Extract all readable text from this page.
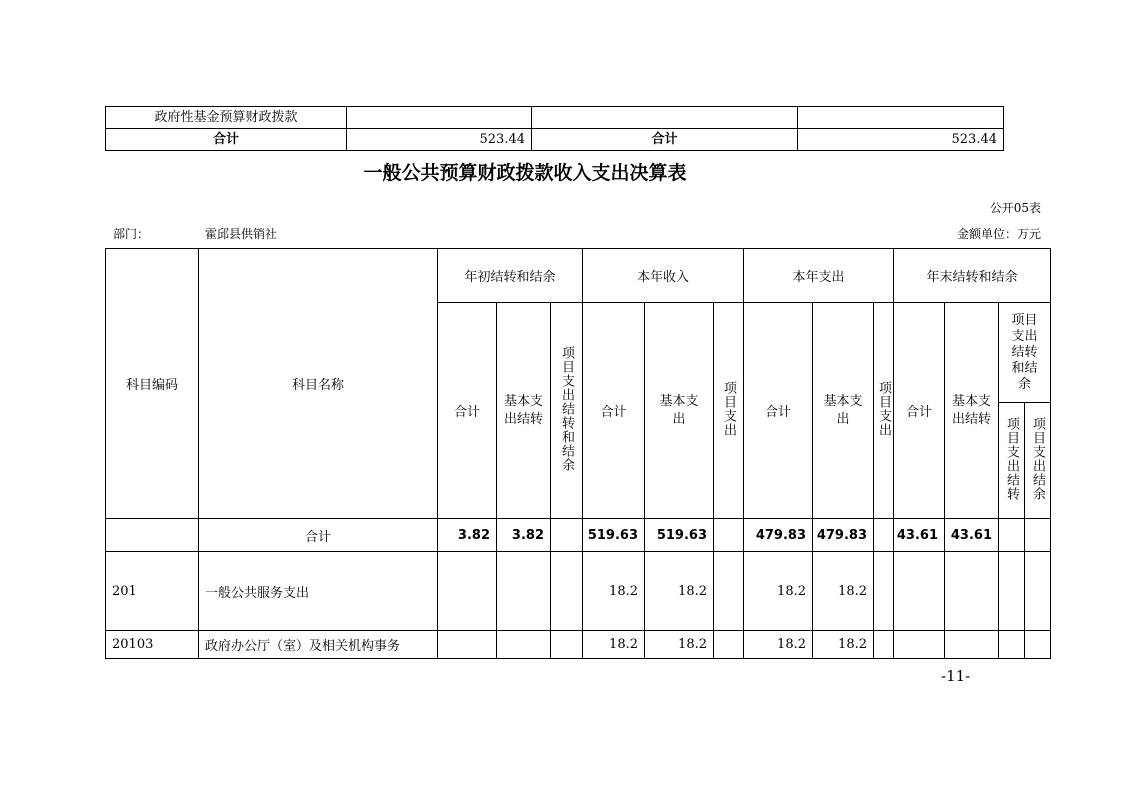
政府性基金预算财政拨款			
合计	523.44	合计	523.44
一般公共预算财政拨款收入支出决算表
公开05表
部门：	霍邱县供销社	金额单位：万元
科目编码	科目名称	年初结转和结余			本年收入			本年支出			年末结转和结余			
		合计	基本支出结转	项目支出结转和结余	合计	基本支出	项目支出	合计	基本支出	项目支出	合计	基本支出结转	项目支出结转和结余	
													项目支出结转	项目支出结余
	合计	3.82	3.82		519.63	519.63		479.83	479.83		43.61	43.61		
201	一般公共服务支出				18.2	18.2		18.2	18.2					
20103	政府办公厅（室）及相关机构事务				18.2	18.2		18.2	18.2					
-11-
